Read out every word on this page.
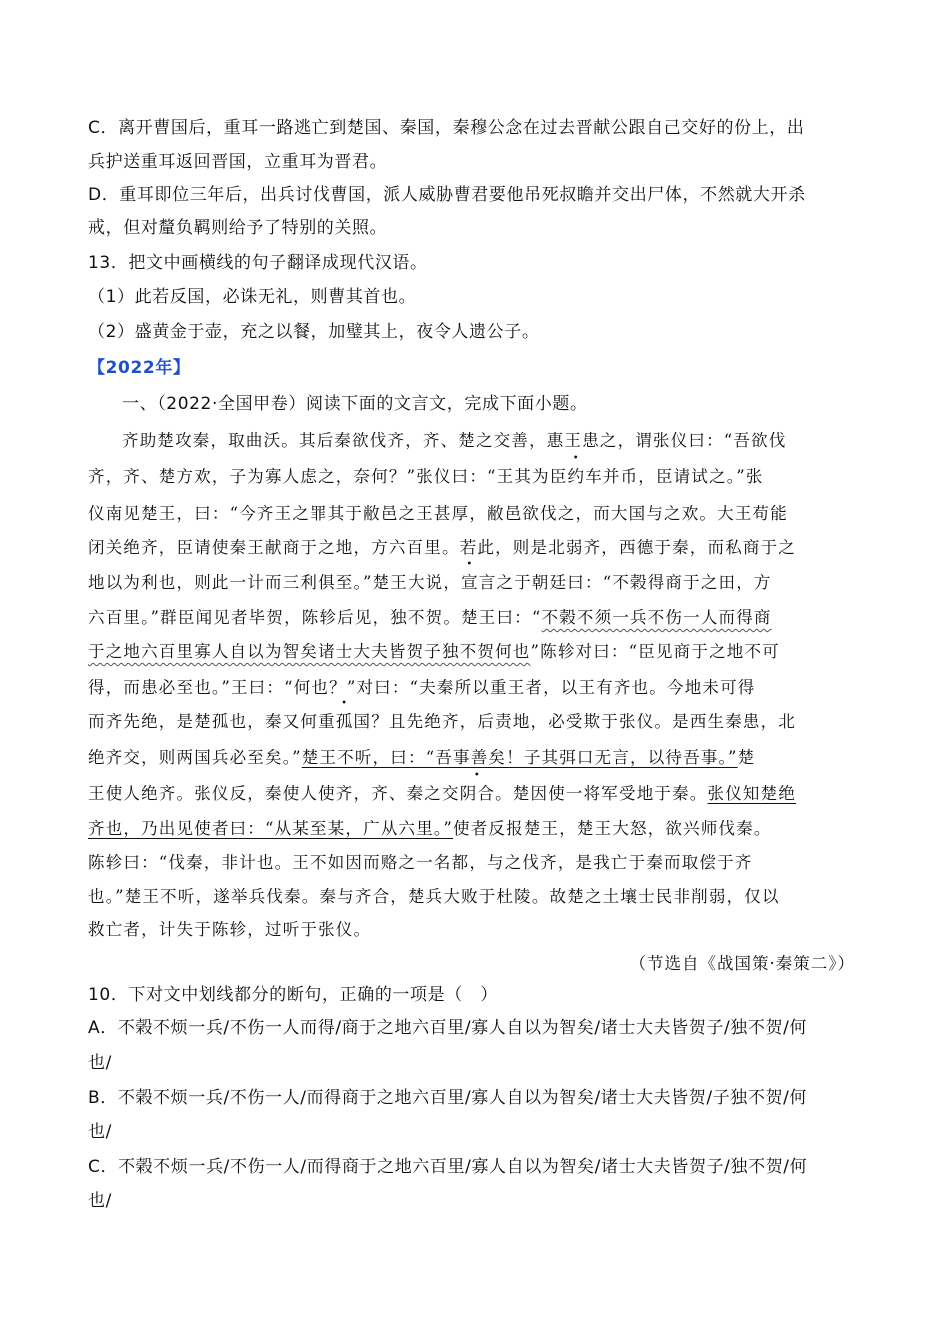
C．离开曹国后，重耳一路逃亡到楚国、秦国，秦穆公念在过去晋献公跟自己交好的份上，出
兵护送重耳返回晋国，立重耳为晋君。
D．重耳即位三年后，出兵讨伐曹国，派人威胁曹君要他吊死叔瞻并交出尸体，不然就大开杀
戒，但对釐负羁则给予了特别的关照。
13．把文中画横线的句子翻译成现代汉语。
（1）此若反国，必诛无礼，则曹其首也。
（2）盛黄金于壶，充之以餐，加璧其上，夜令人遗公子。
【2022年】
一、（2022·全国甲卷）阅读下面的文言文，完成下面小题。
齐助楚攻秦，取曲沃。其后秦欲伐齐，齐、楚之交善，惠王患之，谓张仪曰：“吾欲伐
齐，齐、楚方欢，子为寡人虑之，奈何？”张仪曰：“王其为臣约车并币，臣请试之。”张
仪南见楚王，曰：“今齐王之罪其于敝邑之王甚厚，敝邑欲伐之，而大国与之欢。大王苟能
闭关绝齐，臣请使秦王献商于之地，方六百里。若此，则是北弱齐，西德于秦，而私商于之
地以为利也，则此一计而三利俱至。”楚王大说，宣言之于朝廷曰：“不榖得商于之田，方
六百里。”群臣闻见者毕贺，陈轸后见，独不贺。楚王曰：“不榖不须一兵不伤一人而得商
于之地六百里寡人自以为智矣诸士大夫皆贺子独不贺何也”陈轸对曰：“臣见商于之地不可
得，而患必至也。”王曰：“何也？”对曰：“夫秦所以重王者，以王有齐也。今地未可得
而齐先绝，是楚孤也，秦又何重孤国？且先绝齐，后责地，必受欺于张仪。是西生秦患，北
绝齐交，则两国兵必至矣。”楚王不听，曰：“吾事善矣！子其弭口无言，以待吾事。”楚
王使人绝齐。张仪反，秦使人使齐，齐、秦之交阴合。楚因使一将军受地于秦。张仪知楚绝
齐也，乃出见使者曰：“从某至某，广从六里。”使者反报楚王，楚王大怒，欲兴师伐秦。
陈轸曰：“伐秦，非计也。王不如因而赂之一名都，与之伐齐，是我亡于秦而取偿于齐
也。”楚王不听，遂举兵伐秦。秦与齐合，楚兵大败于杜陵。故楚之土壤士民非削弱，仅以
救亡者，计失于陈轸，过听于张仪。
（节选自《战国策·秦策二》）
10．下对文中划线都分的断句，正确的一项是（　）
A．不榖不烦一兵/不伤一人而得/商于之地六百里/寡人自以为智矣/诸士大夫皆贺子/独不贺/何
也/
B．不榖不烦一兵/不伤一人/而得商于之地六百里/寡人自以为智矣/诸士大夫皆贺/子独不贺/何
也/
C．不榖不烦一兵/不伤一人/而得商于之地六百里/寡人自以为智矣/诸士大夫皆贺子/独不贺/何
也/
